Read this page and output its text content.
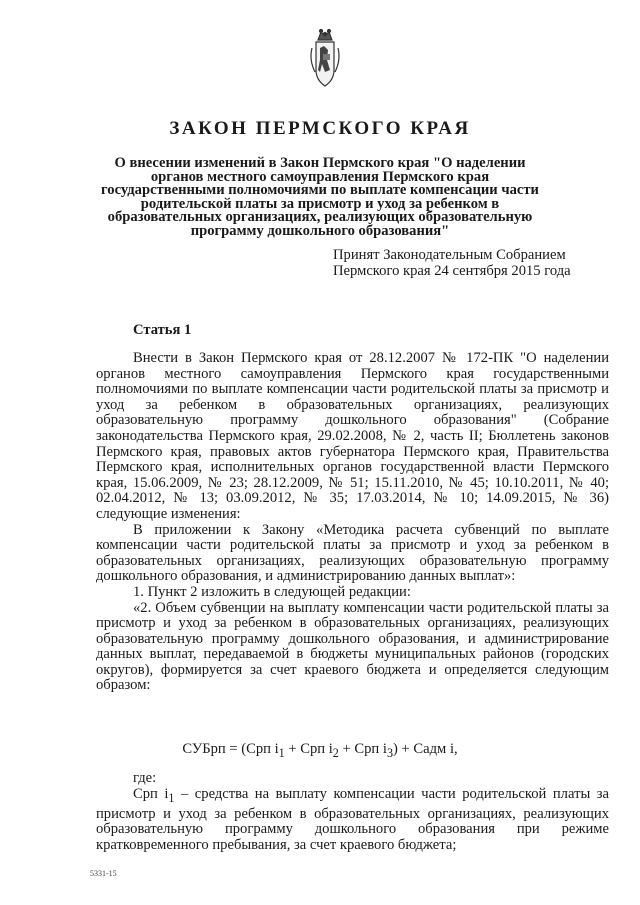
ЗАКОН ПЕРМСКОГО КРАЯ

О внесении изменений в Закон Пермского края "О наделении органов местного самоуправления Пермского края государственными полномочиями по выплате компенсации части родительской платы за присмотр и уход за ребенком в образовательных организациях, реализующих образовательную программу дошкольного образования"

Принят Законодательным Собранием
Пермского края 24 сентября 2015 года
Статья 1

Внести в Закон Пермского края от 28.12.2007 № 172-ПК "О наделении органов местного самоуправления Пермского края государственными полномочиями по выплате компенсации части родительской платы за присмотр и уход за ребенком в образовательных организациях, реализующих образовательную программу дошкольного образования" (Собрание законодательства Пермского края, 29.02.2008, № 2, часть II; Бюллетень законов Пермского края, правовых актов губернатора Пермского края, Правительства Пермского края, исполнительных органов государственной власти Пермского края, 15.06.2009, № 23; 28.12.2009, № 51; 15.11.2010, № 45; 10.10.2011, № 40; 02.04.2012, № 13; 03.09.2012, № 35; 17.03.2014, № 10; 14.09.2015, № 36) следующие изменения:

В приложении к Закону «Методика расчета субвенций по выплате компенсации части родительской платы за присмотр и уход за ребенком в образовательных организациях, реализующих образовательную программу дошкольного образования, и администрированию данных выплат»:

1. Пункт 2 изложить в следующей редакции:

«2. Объем субвенции на выплату компенсации части родительской платы за присмотр и уход за ребенком в образовательных организациях, реализующих образовательную программу дошкольного образования, и администрирование данных выплат, передаваемой в бюджеты муниципальных районов (городских округов), формируется за счет краевого бюджета и определяется следующим образом:

СУБрп = (Срп $i_1$ + Срп $i_2$ + Срп $i_3$) + Садм i,
где:

Срп $i_1$ – средства на выплату компенсации части родительской платы за присмотр и уход за ребенком в образовательных организациях, реализующих образовательную программу дошкольного образования при режиме кратковременного пребывания, за счет краевого бюджета;

5331-15
